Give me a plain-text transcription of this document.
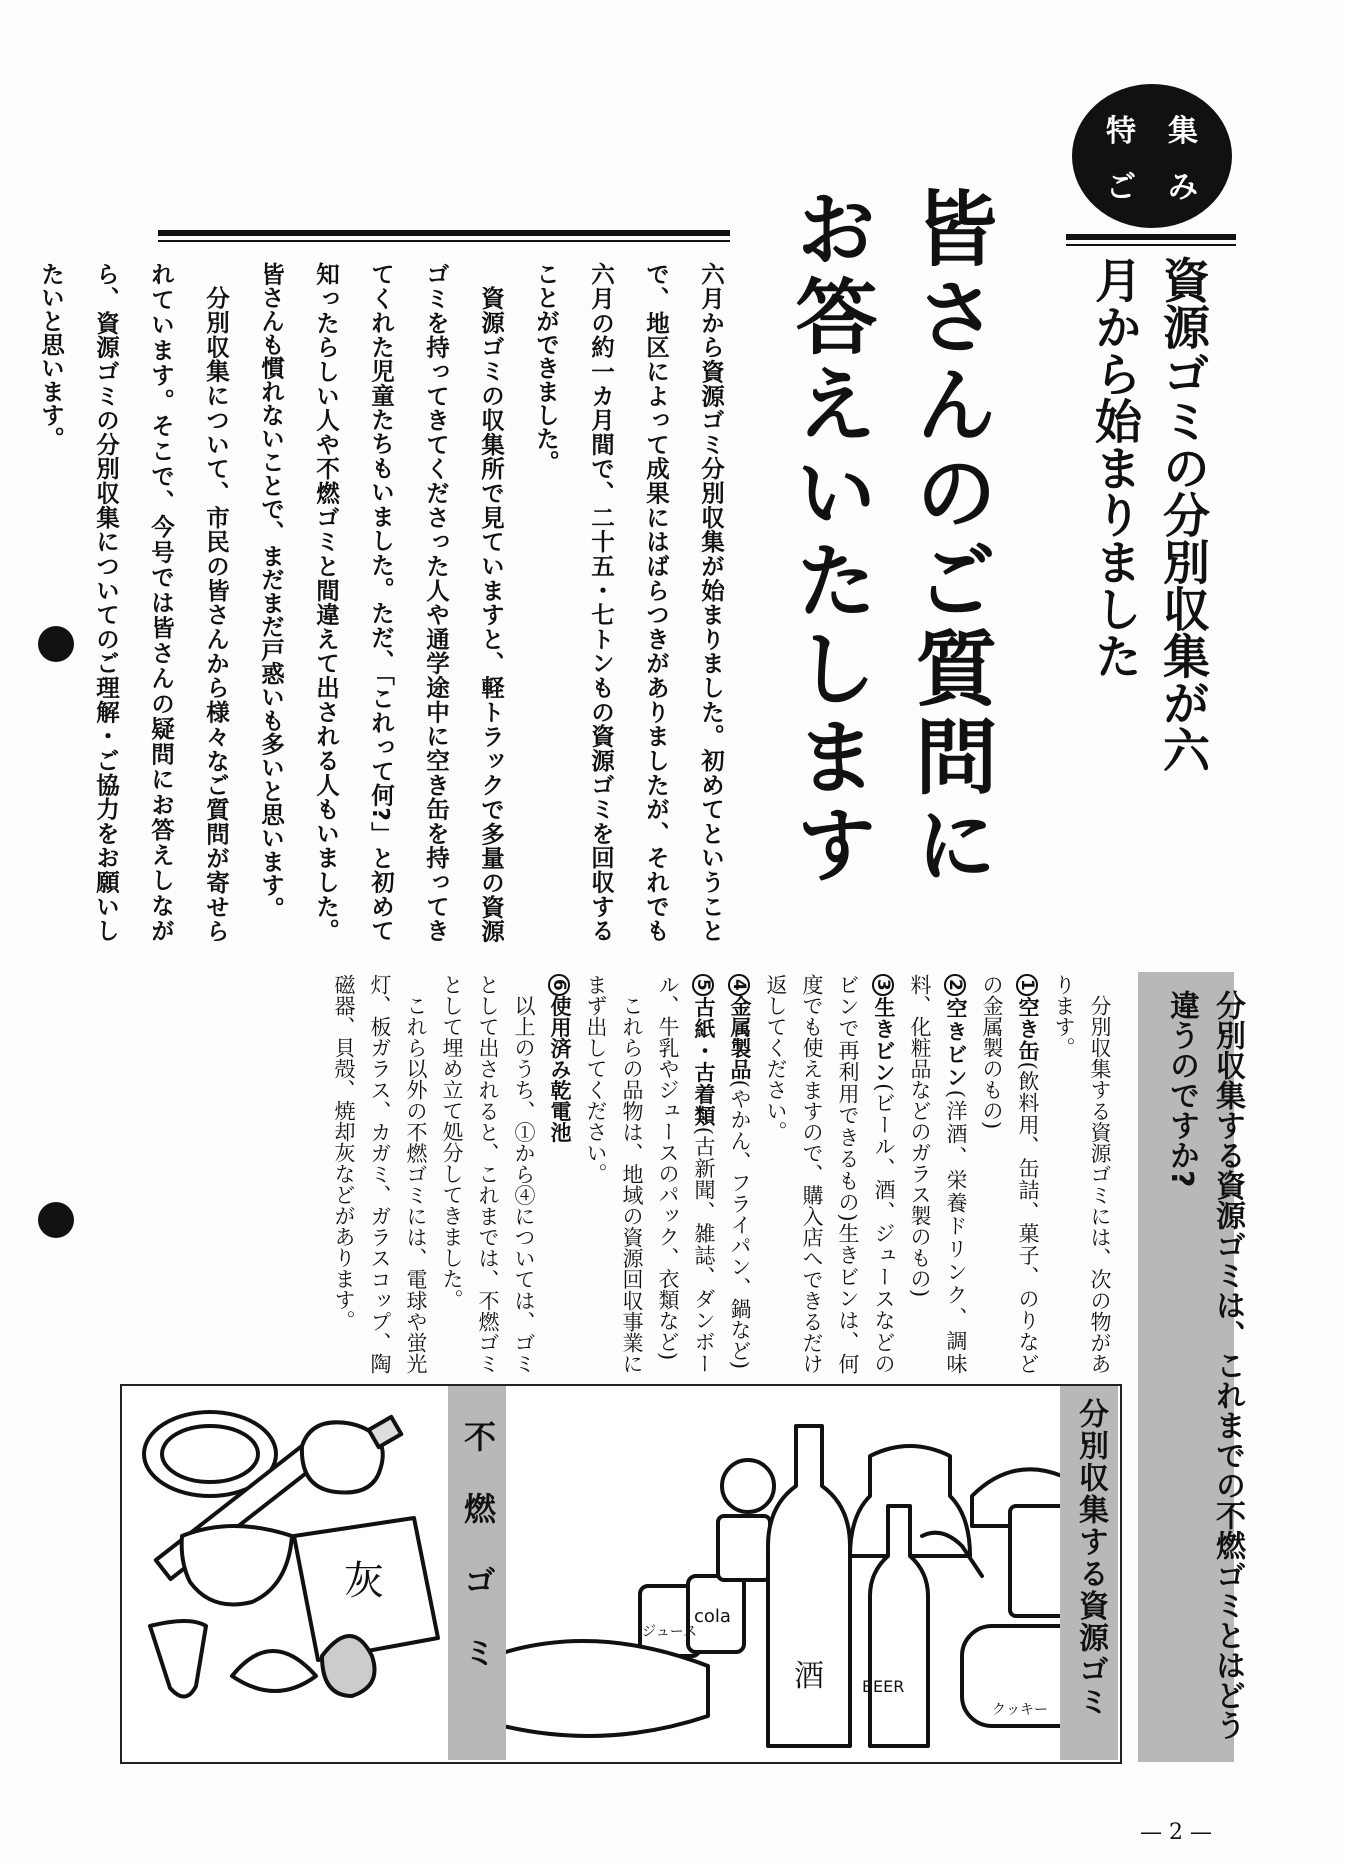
集
み
特
ご
皆さんのご質問にお答えいたします	資源ゴミの分別収集が六月から始まりました

六月から資源ゴミ分別収集が始まりました。初めてということで、地区によって成果にはばらつきがありましたが、それでも六月の約一カ月間で、二十五・七トンもの資源ゴミを回収することができました。

資源ゴミの収集所で見ていますと、軽トラックで多量の資源ゴミを持ってきてくださった人や通学途中に空き缶を持ってきてくれた児童たちもいました。ただ、「これって何?」と初めて知ったらしい人や不燃ゴミと間違えて出される人もいました。皆さんも慣れないことで、まだまだ戸惑いも多いと思います。

分別収集について、市民の皆さんから様々なご質問が寄せられています。そこで、今号では皆さんの疑問にお答えしながら、資源ゴミの分別収集についてのご理解・ご協力をお願いしたいと思います。

分別収集する資源ゴミは、これまでの不燃ゴミとはどう違うのですか?

分別収集する資源ゴミには、次の物があります。

1空き缶(飲料用、缶詰、菓子、のりなどの金属製のもの)

2空きビン(洋酒、栄養ドリンク、調味料、化粧品などのガラス製のもの)

3生きビン(ビール、酒、ジュースなどのビンで再利用できるもの)生きビンは、何度でも使えますので、購入店へできるだけ返してください。

4金属製品(やかん、フライパン、鍋など)

5古紙・古着類(古新聞、雑誌、ダンボール、牛乳やジュースのパック、衣類など)

これらの品物は、地域の資源回収事業にまず出してください。

6使用済み乾電池

以上のうち、①から④については、ゴミとして出されると、これまでは、不燃ゴミとして埋め立て処分してきました。

これら以外の不燃ゴミには、電球や蛍光灯、板ガラス、カガミ、ガラスコップ、陶磁器、貝殻、焼却灰などがあります。

灰
ジュース
cola
酒 BEER
クッキー
不燃ゴミ	分別収集する資源ゴミ
— 2 —
